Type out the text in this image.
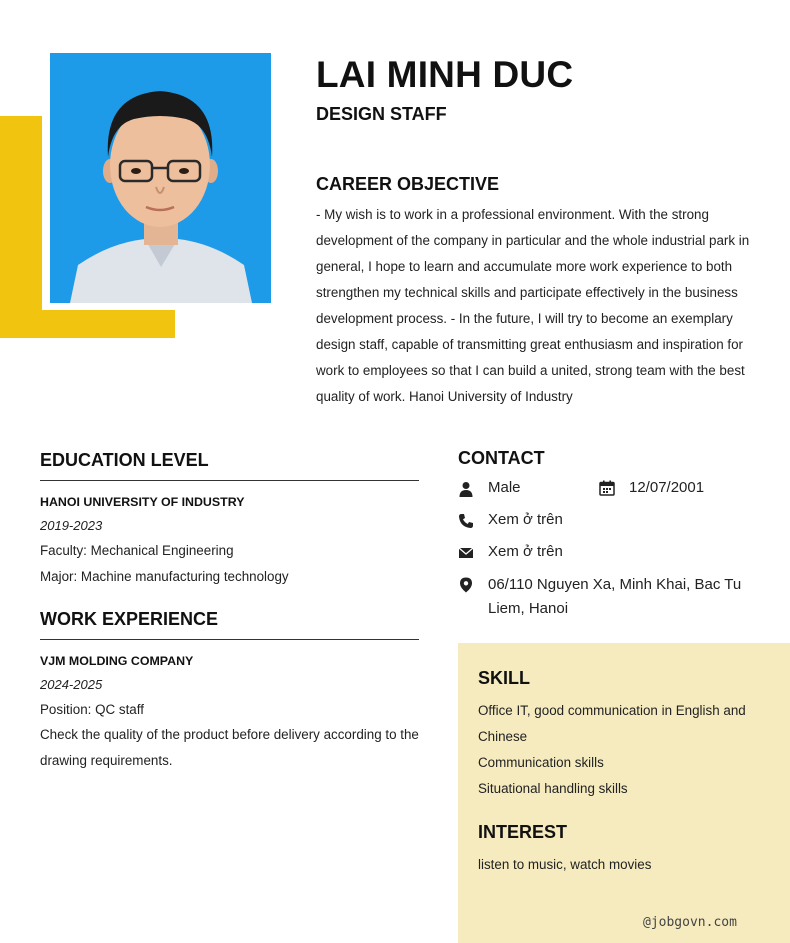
LAI MINH DUC
DESIGN STAFF
CAREER OBJECTIVE
- My wish is to work in a professional environment. With the strong development of the company in particular and the whole industrial park in general, I hope to learn and accumulate more work experience to both strengthen my technical skills and participate effectively in the business development process. - In the future, I will try to become an exemplary design staff, capable of transmitting great enthusiasm and inspiration for work to employees so that I can build a united, strong team with the best quality of work. Hanoi University of Industry
EDUCATION LEVEL
HANOI UNIVERSITY OF INDUSTRY
2019-2023
Faculty: Mechanical Engineering
Major: Machine manufacturing technology
WORK EXPERIENCE
VJM MOLDING COMPANY
2024-2025
Position: QC staff
Check the quality of the product before delivery according to the drawing requirements.
CONTACT
Male	12/07/2001
Xem ở trên
Xem ở trên
06/110 Nguyen Xa, Minh Khai, Bac Tu Liem, Hanoi
SKILL
Office IT, good communication in English and Chinese
Communication skills
Situational handling skills
INTEREST
listen to music, watch movies
@jobgovn.com
